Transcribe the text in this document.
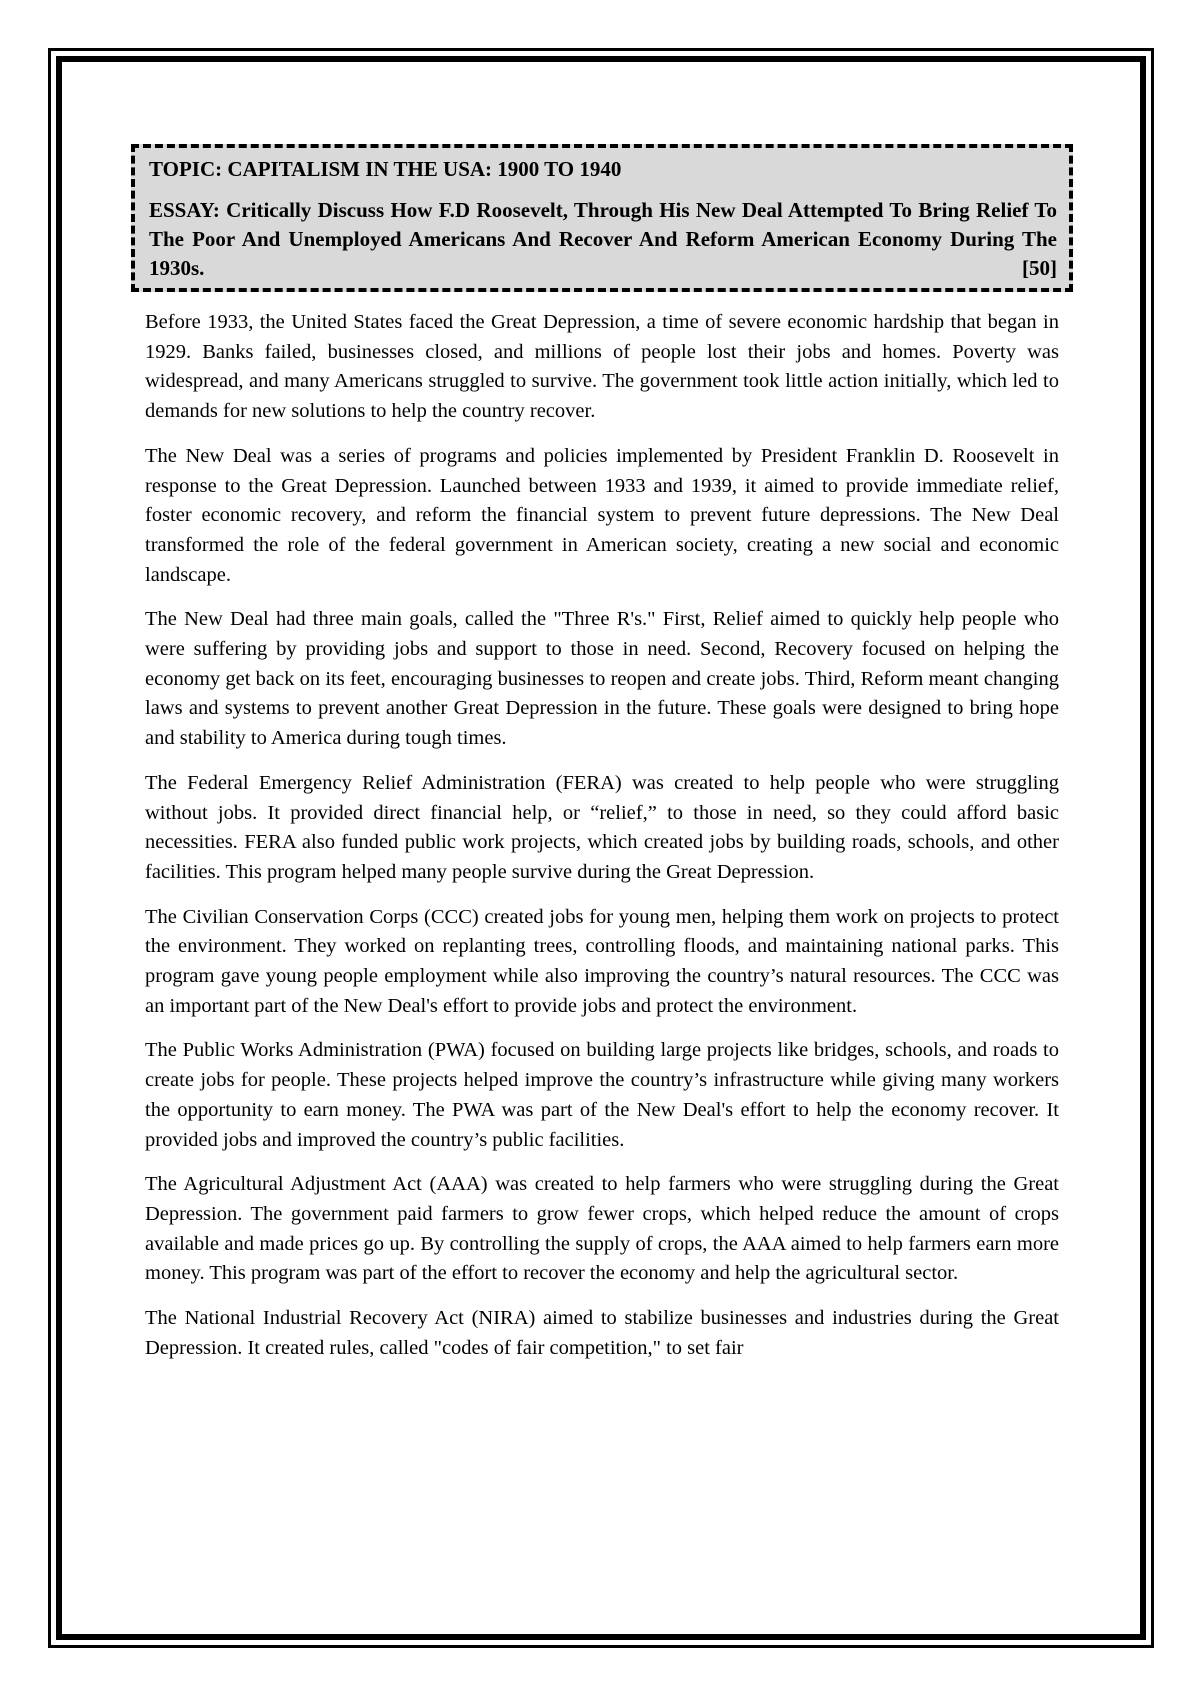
TOPIC: CAPITALISM IN THE USA: 1900 TO 1940
ESSAY: Critically Discuss How F.D Roosevelt, Through His New Deal Attempted To Bring Relief To The Poor And Unemployed Americans And Recover And Reform American Economy During The 1930s.	[50]

Before 1933, the United States faced the Great Depression, a time of severe economic hardship that began in 1929. Banks failed, businesses closed, and millions of people lost their jobs and homes. Poverty was widespread, and many Americans struggled to survive. The government took little action initially, which led to demands for new solutions to help the country recover.

The New Deal was a series of programs and policies implemented by President Franklin D. Roosevelt in response to the Great Depression. Launched between 1933 and 1939, it aimed to provide immediate relief, foster economic recovery, and reform the financial system to prevent future depressions. The New Deal transformed the role of the federal government in American society, creating a new social and economic landscape.

The New Deal had three main goals, called the "Three R's." First, Relief aimed to quickly help people who were suffering by providing jobs and support to those in need. Second, Recovery focused on helping the economy get back on its feet, encouraging businesses to reopen and create jobs. Third, Reform meant changing laws and systems to prevent another Great Depression in the future. These goals were designed to bring hope and stability to America during tough times.

The Federal Emergency Relief Administration (FERA) was created to help people who were struggling without jobs. It provided direct financial help, or “relief,” to those in need, so they could afford basic necessities. FERA also funded public work projects, which created jobs by building roads, schools, and other facilities. This program helped many people survive during the Great Depression.

The Civilian Conservation Corps (CCC) created jobs for young men, helping them work on projects to protect the environment. They worked on replanting trees, controlling floods, and maintaining national parks. This program gave young people employment while also improving the country’s natural resources. The CCC was an important part of the New Deal's effort to provide jobs and protect the environment.

The Public Works Administration (PWA) focused on building large projects like bridges, schools, and roads to create jobs for people. These projects helped improve the country’s infrastructure while giving many workers the opportunity to earn money. The PWA was part of the New Deal's effort to help the economy recover. It provided jobs and improved the country’s public facilities.

The Agricultural Adjustment Act (AAA) was created to help farmers who were struggling during the Great Depression. The government paid farmers to grow fewer crops, which helped reduce the amount of crops available and made prices go up. By controlling the supply of crops, the AAA aimed to help farmers earn more money. This program was part of the effort to recover the economy and help the agricultural sector.

The National Industrial Recovery Act (NIRA) aimed to stabilize businesses and industries during the Great Depression. It created rules, called "codes of fair competition," to set fair
